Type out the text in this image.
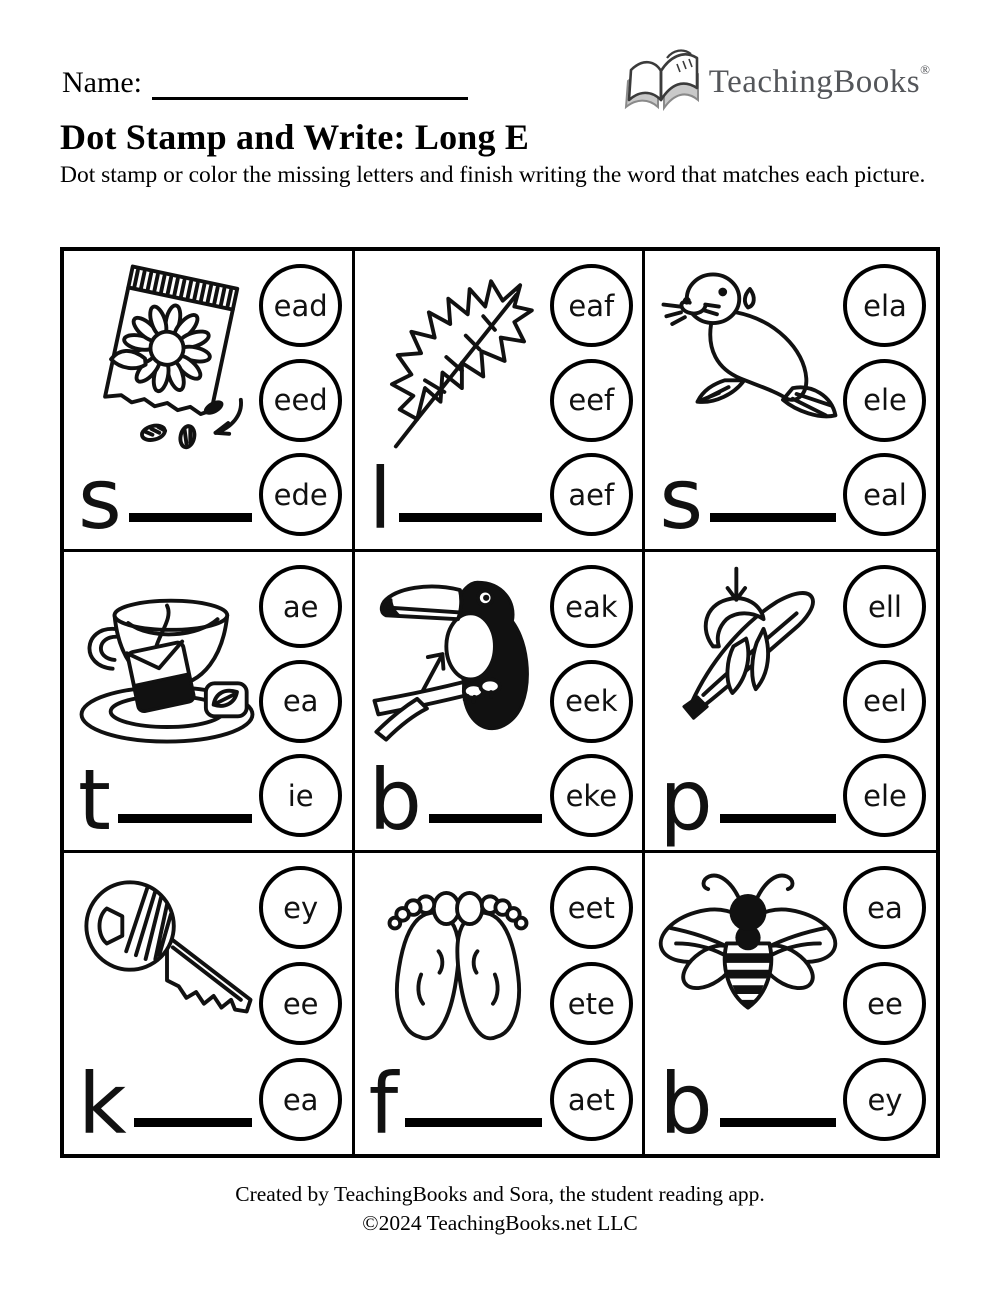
Name:	TeachingBooks®
Dot Stamp and Write: Long E
Dot stamp or color the missing letters and finish writing the word that matches each picture.
ead
eed
ede
s
eaf
eef
aef
l
ela
ele
eal
s
ae
ea
ie
t
eak
eek
eke
b
ell
eel
ele
p
ey
ee
ea
k
eet
ete
aet
f
ea
ee
ey
b
Created by TeachingBooks and Sora, the student reading app.
©2024 TeachingBooks.net LLC
